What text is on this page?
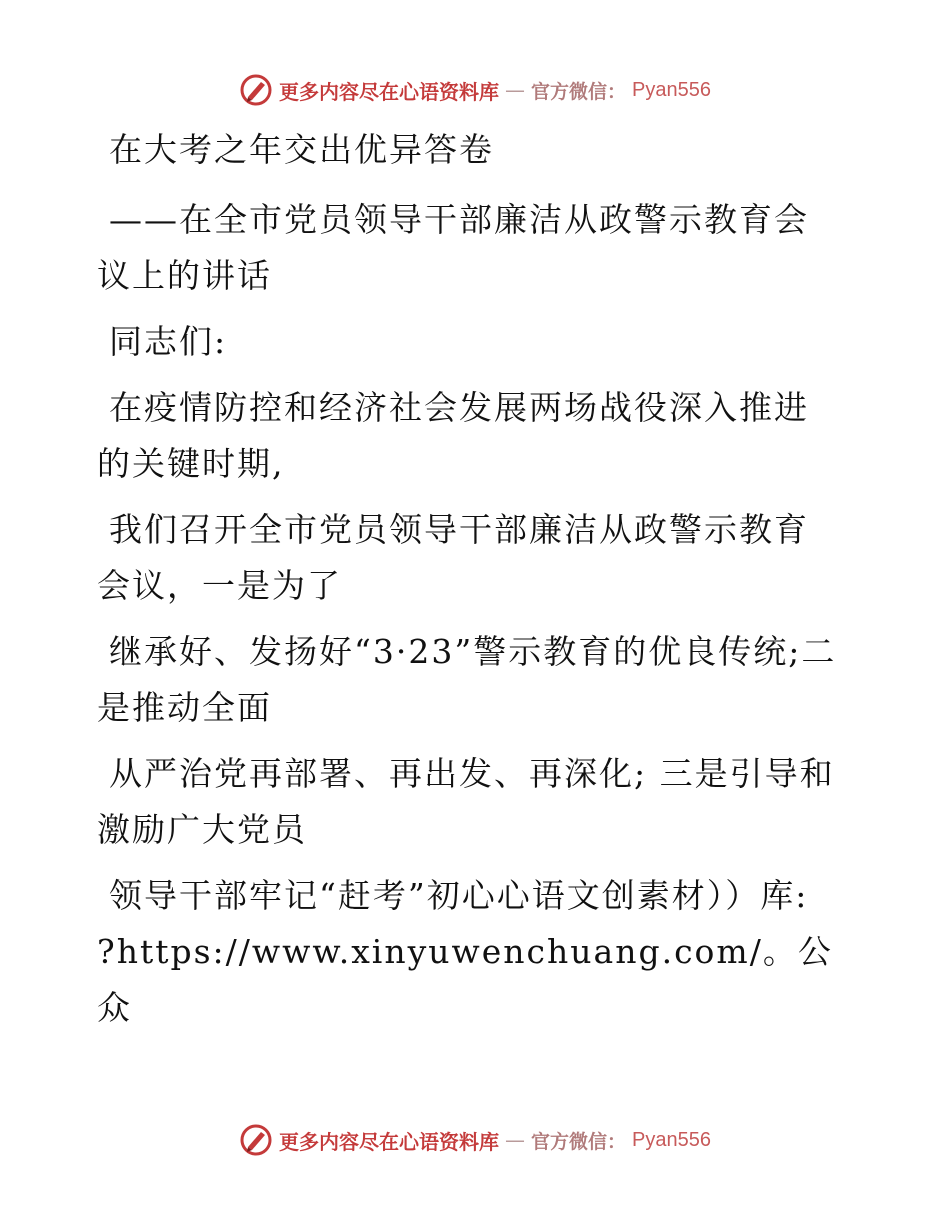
更多内容尽在心语资料库 — 官方微信： Pyan556

在大考之年交出优异答卷

——在全市党员领导干部廉洁从政警示教育会议上的讲话

同志们:

在疫情防控和经济社会发展两场战役深入推进的关键时期,

我们召开全市党员领导干部廉洁从政警示教育会议，一是为了

继承好、发扬好“3·23”警示教育的优良传统;二是推动全面

从严治党再部署、再出发、再深化; 三是引导和激励广大党员

领导干部牢记“赶考”初心心语文创素材））库: ?https://www.xinyuwenchuang.com/。公众

更多内容尽在心语资料库 — 官方微信： Pyan556
